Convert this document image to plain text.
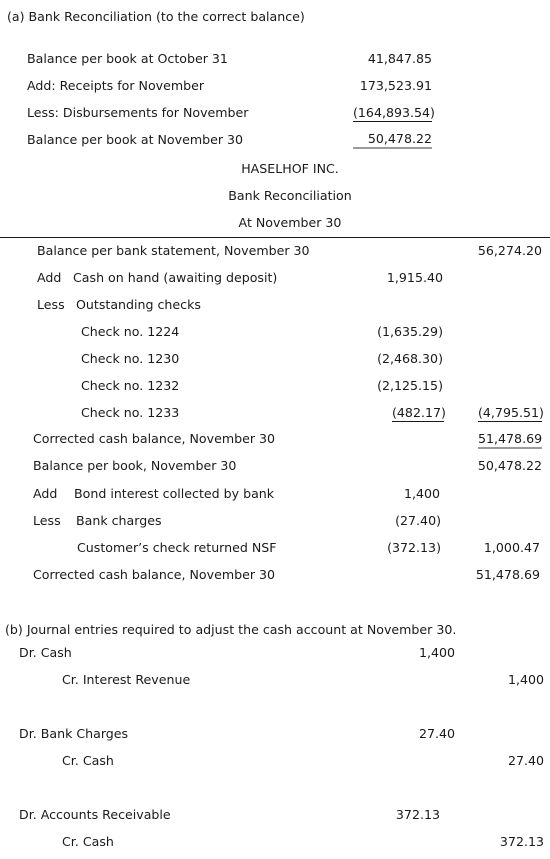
(a) Bank Reconciliation (to the correct balance)
Balance per book at October 31	41,847.85
Add: Receipts for November	173,523.91
Less: Disbursements for November	(164,893.54)
Balance per book at November 30	50,478.22
HASELHOF INC.
Bank Reconciliation
At November 30
Balance per bank statement, November 30	56,274.20
Add Cash on hand (awaiting deposit)	1,915.40
Less Outstanding checks
Check no. 1224	(1,635.29)
Check no. 1230	(2,468.30)
Check no. 1232	(2,125.15)
Check no. 1233	(482.17)	(4,795.51)
Corrected cash balance, November 30	51,478.69
Balance per book, November 30	50,478.22
Add Bond interest collected by bank	1,400
Less Bank charges	(27.40)
Customer’s check returned NSF	(372.13)	1,000.47
Corrected cash balance, November 30	51,478.69
(b) Journal entries required to adjust the cash account at November 30.
Dr. Cash	1,400
Cr. Interest Revenue	1,400
Dr. Bank Charges	27.40
Cr. Cash	27.40
Dr. Accounts Receivable	372.13
Cr. Cash	372.13
